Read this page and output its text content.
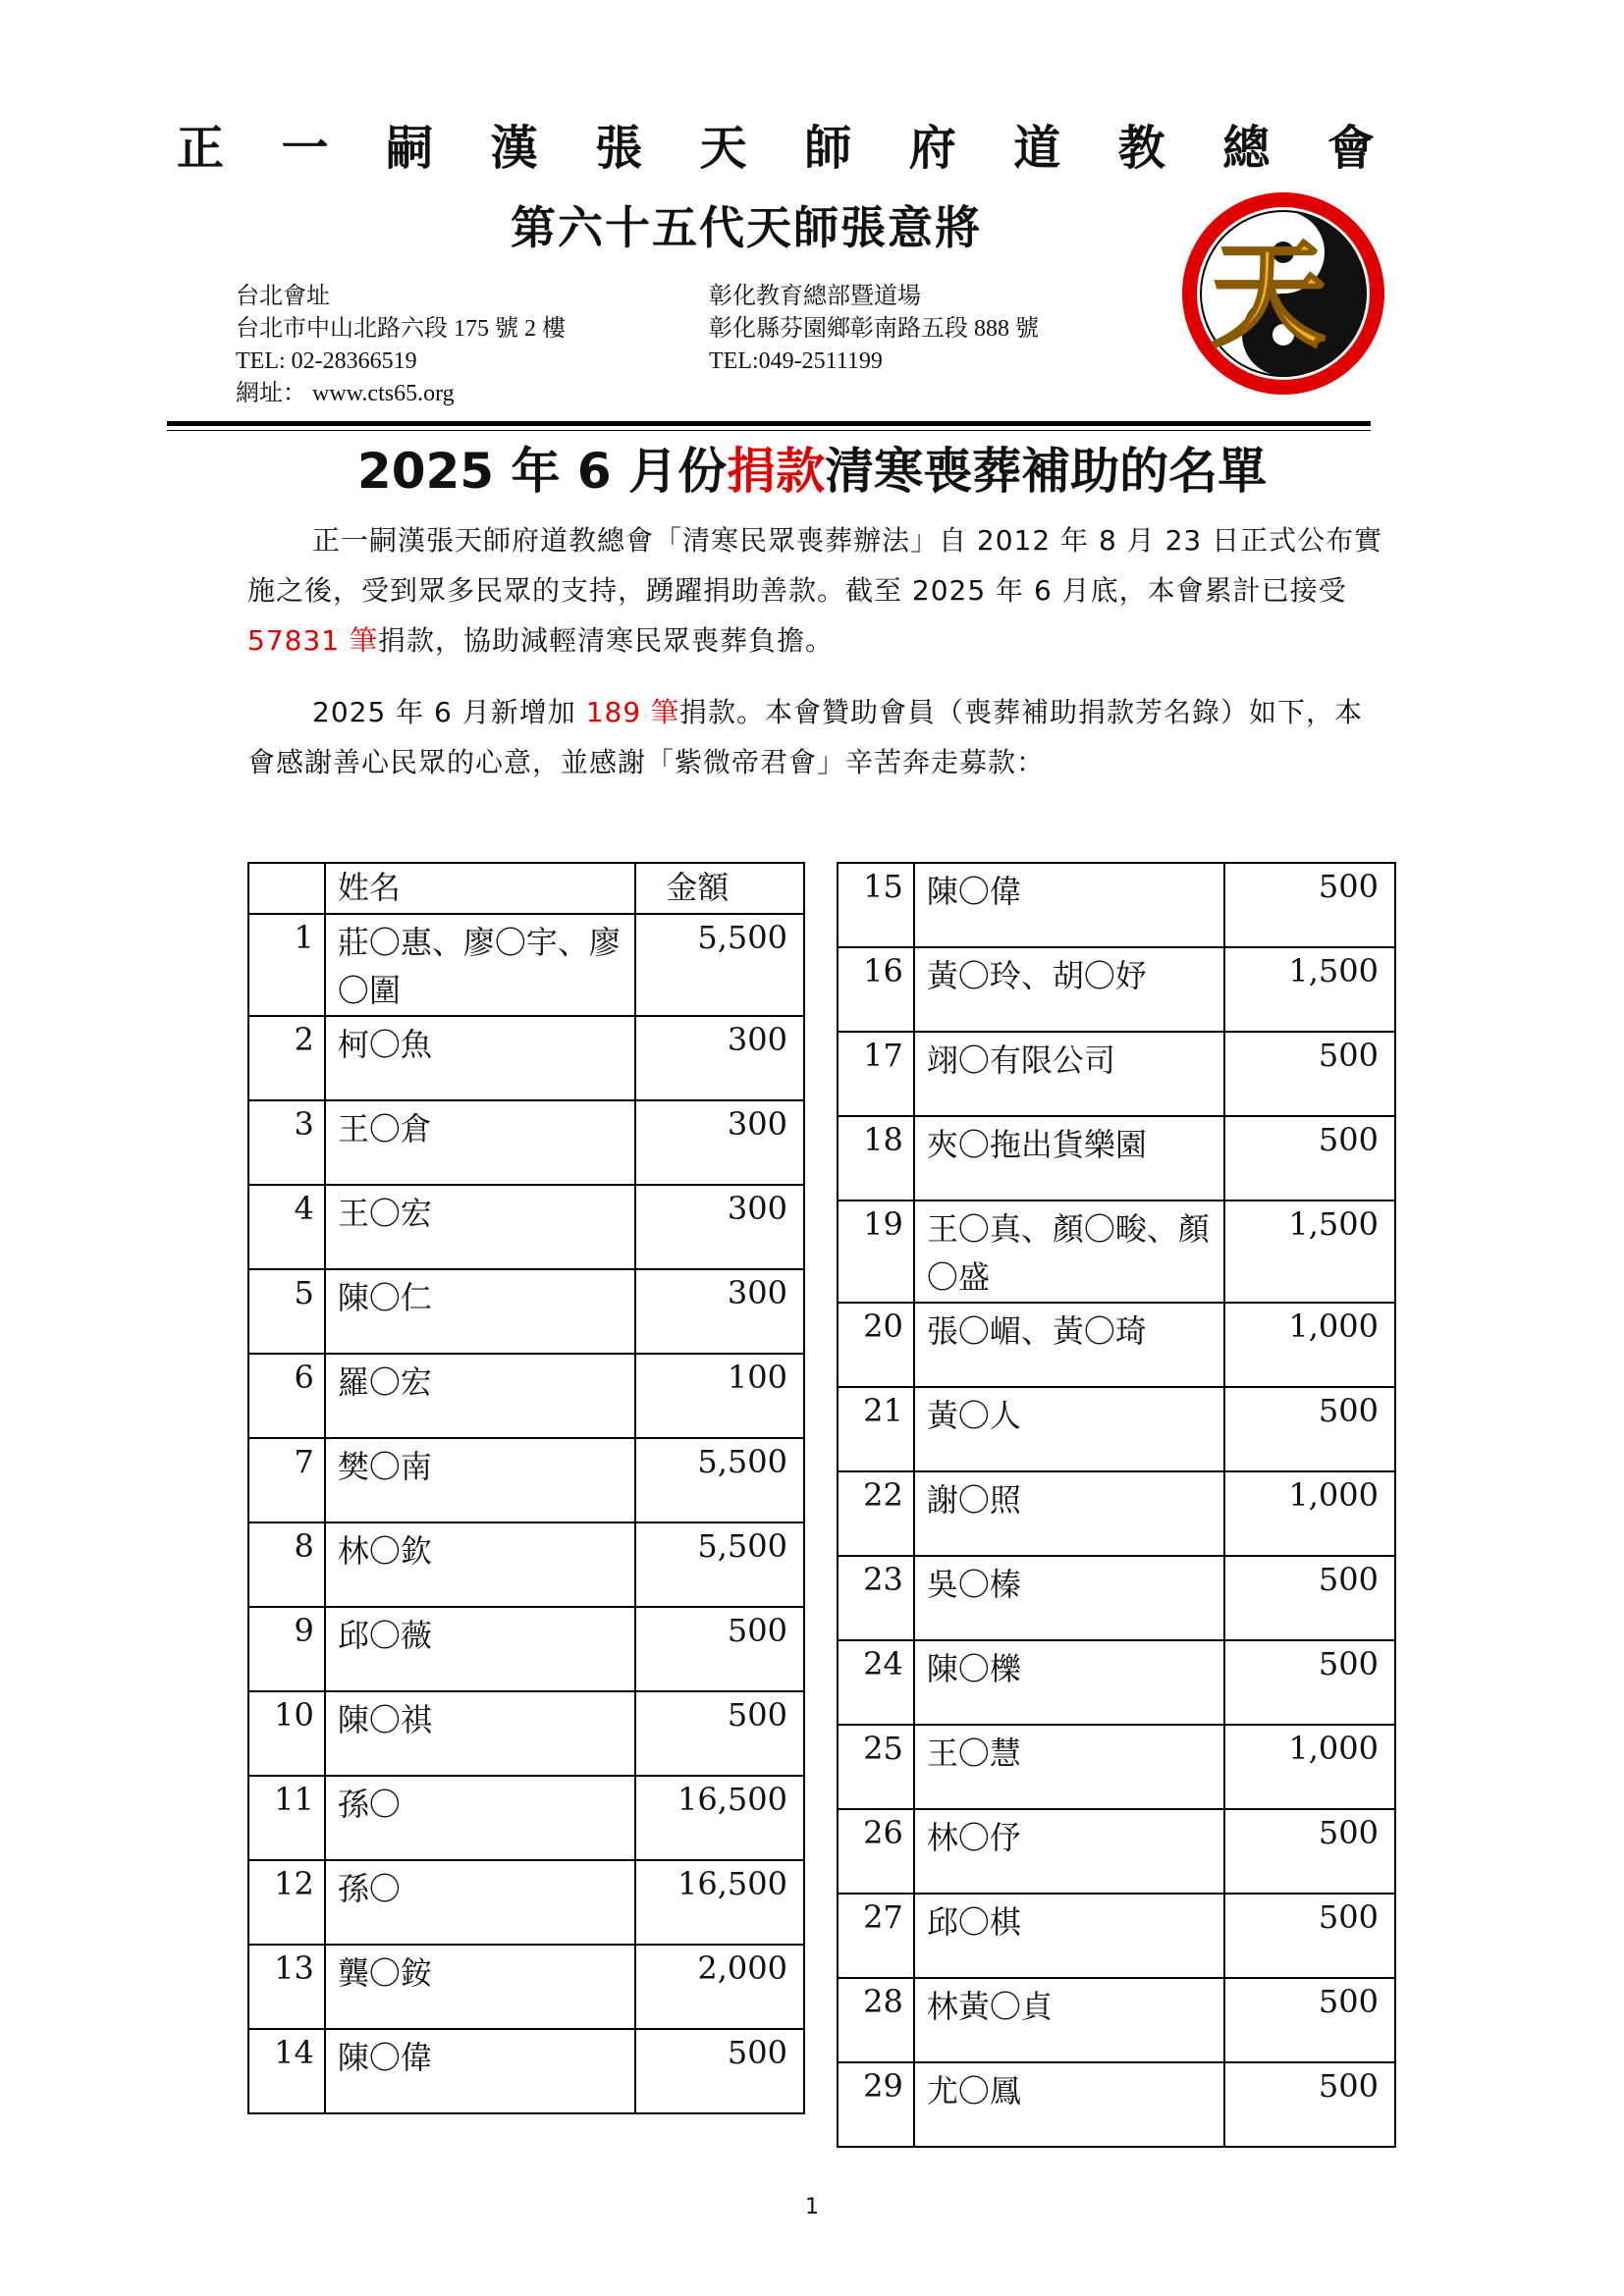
正 一 嗣 漢 張 天 師 府 道 教 總 會
第六十五代天師張意將
台北會址
台北市中山北路六段 175 號 2 樓
TEL: 02-28366519
網址： www.cts65.org
彰化教育總部暨道場
彰化縣芬園鄉彰南路五段 888 號
TEL:049-2511199	天
2025 年 6 月份捐款清寒喪葬補助的名單
正一嗣漢張天師府道教總會「清寒民眾喪葬辦法」自 2012 年 8 月 23 日正式公布實施之後，受到眾多民眾的支持，踴躍捐助善款。截至 2025 年 6 月底，本會累計已接受 57831 筆捐款，協助減輕清寒民眾喪葬負擔。
2025 年 6 月新增加 189 筆捐款。本會贊助會員（喪葬補助捐款芳名錄）如下，本會感謝善心民眾的心意，並感謝「紫微帝君會」辛苦奔走募款：
	姓名	金額
1	莊〇惠、廖〇宇、廖〇圍	5,500
2	柯〇魚	300
3	王〇倉	300
4	王〇宏	300
5	陳〇仁	300
6	羅〇宏	100
7	樊〇南	5,500
8	林〇欽	5,500
9	邱〇薇	500
10	陳〇祺	500
11	孫〇	16,500
12	孫〇	16,500
13	龔〇銨	2,000
14	陳〇偉	500
15	陳〇偉	500
16	黃〇玲、胡〇妤	1,500
17	翊〇有限公司	500
18	夾〇拖出貨樂園	500
19	王〇真、顏〇畯、顏〇盛	1,500
20	張〇嵋、黃〇琦	1,000
21	黃〇人	500
22	謝〇照	1,000
23	吳〇榛	500
24	陳〇櫟	500
25	王〇慧	1,000
26	林〇伃	500
27	邱〇棋	500
28	林黃〇貞	500
29	尤〇鳳	500
1
